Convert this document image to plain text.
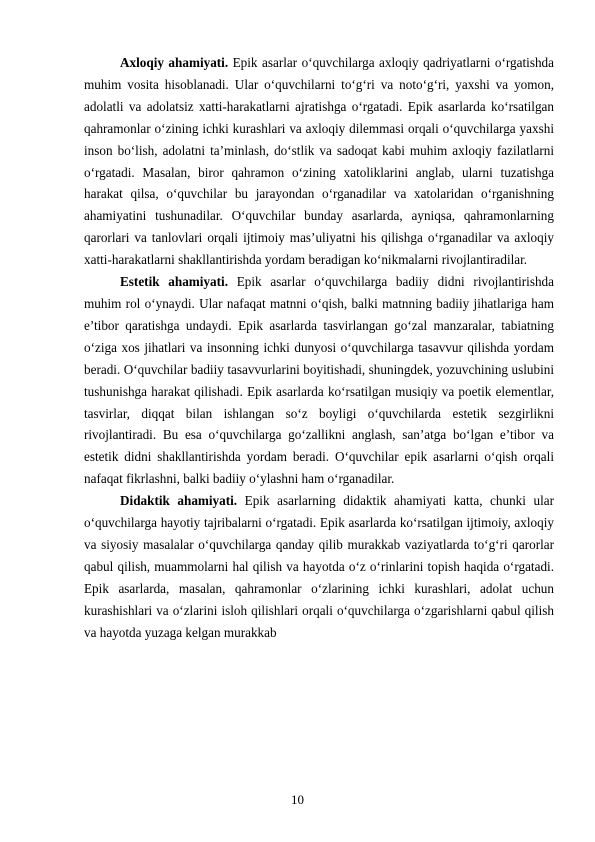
Axloqiy ahamiyati. Epik asarlar o‘quvchilarga axloqiy qadriyatlarni o‘rgatishda muhim vosita hisoblanadi. Ular o‘quvchilarni to‘g‘ri va noto‘g‘ri, yaxshi va yomon, adolatli va adolatsiz xatti-harakatlarni ajratishga o‘rgatadi. Epik asarlarda ko‘rsatilgan qahramonlar o‘zining ichki kurashlari va axloqiy dilemmasi orqali o‘quvchilarga yaxshi inson bo‘lish, adolatni ta’minlash, do‘stlik va sadoqat kabi muhim axloqiy fazilatlarni o‘rgatadi. Masalan, biror qahramon o‘zining xatoliklarini anglab, ularni tuzatishga harakat qilsa, o‘quvchilar bu jarayondan o‘rganadilar va xatolaridan o‘rganishning ahamiyatini tushunadilar. O‘quvchilar bunday asarlarda, ayniqsa, qahramonlarning qarorlari va tanlovlari orqali ijtimoiy mas’uliyatni his qilishga o‘rganadilar va axloqiy xatti-harakatlarni shakllantirishda yordam beradigan ko‘nikmalarni rivojlantiradilar.

Estetik ahamiyati. Epik asarlar o‘quvchilarga badiiy didni rivojlantirishda muhim rol o‘ynaydi. Ular nafaqat matnni o‘qish, balki matnning badiiy jihatlariga ham e’tibor qaratishga undaydi. Epik asarlarda tasvirlangan go‘zal manzaralar, tabiatning o‘ziga xos jihatlari va insonning ichki dunyosi o‘quvchilarga tasavvur qilishda yordam beradi. O‘quvchilar badiiy tasavvurlarini boyitishadi, shuningdek, yozuvchining uslubini tushunishga harakat qilishadi. Epik asarlarda ko‘rsatilgan musiqiy va poetik elementlar, tasvirlar, diqqat bilan ishlangan so‘z boyligi o‘quvchilarda estetik sezgirlikni rivojlantiradi. Bu esa o‘quvchilarga go‘zallikni anglash, san’atga bo‘lgan e’tibor va estetik didni shakllantirishda yordam beradi. O‘quvchilar epik asarlarni o‘qish orqali nafaqat fikrlashni, balki badiiy o‘ylashni ham o‘rganadilar.

Didaktik ahamiyati. Epik asarlarning didaktik ahamiyati katta, chunki ular o‘quvchilarga hayotiy tajribalarni o‘rgatadi. Epik asarlarda ko‘rsatilgan ijtimoiy, axloqiy va siyosiy masalalar o‘quvchilarga qanday qilib murakkab vaziyatlarda to‘g‘ri qarorlar qabul qilish, muammolarni hal qilish va hayotda o‘z o‘rinlarini topish haqida o‘rgatadi. Epik asarlarda, masalan, qahramonlar o‘zlarining ichki kurashlari, adolat uchun kurashishlari va o‘zlarini isloh qilishlari orqali o‘quvchilarga o‘zgarishlarni qabul qilish va hayotda yuzaga kelgan murakkab

10
